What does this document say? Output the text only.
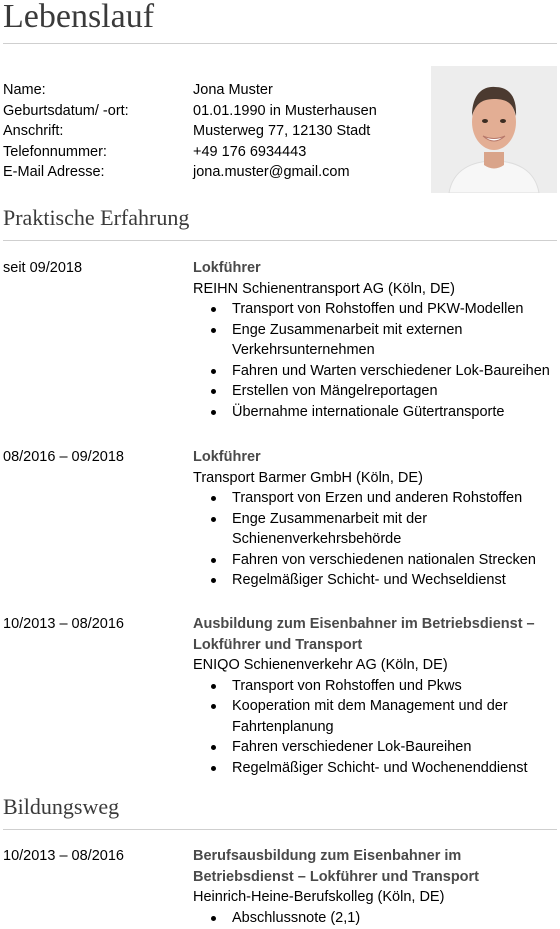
Lebenslauf
Name:	Jona Muster
Geburtsdatum/ -ort:	01.01.1990 in Musterhausen
Anschrift:	Musterweg 77, 12130 Stadt
Telefonnummer:	+49 176 6934443
E-Mail Adresse:	jona.muster@gmail.com
Praktische Erfahrung
seit 09/2018	Lokführer
REIHN Schienentransport AG (Köln, DE)
Transport von Rohstoffen und PKW-Modellen
Enge Zusammenarbeit mit externen Verkehrsunternehmen
Fahren und Warten verschiedener Lok-Baureihen
Erstellen von Mängelreportagen
Übernahme internationale Gütertransporte
08/2016 – 09/2018	Lokführer
Transport Barmer GmbH (Köln, DE)
Transport von Erzen und anderen Rohstoffen
Enge Zusammenarbeit mit der Schienenverkehrsbehörde
Fahren von verschiedenen nationalen Strecken
Regelmäßiger Schicht- und Wechseldienst
10/2013 – 08/2016	Ausbildung zum Eisenbahner im Betriebsdienst – Lokführer und Transport
ENIQO Schienenverkehr AG (Köln, DE)
Transport von Rohstoffen und Pkws
Kooperation mit dem Management und der Fahrtenplanung
Fahren verschiedener Lok-Baureihen
Regelmäßiger Schicht- und Wochenenddienst
Bildungsweg
10/2013 – 08/2016	Berufsausbildung zum Eisenbahner im Betriebsdienst – Lokführer und Transport
Heinrich-Heine-Berufskolleg (Köln, DE)
Abschlussnote (2,1)
